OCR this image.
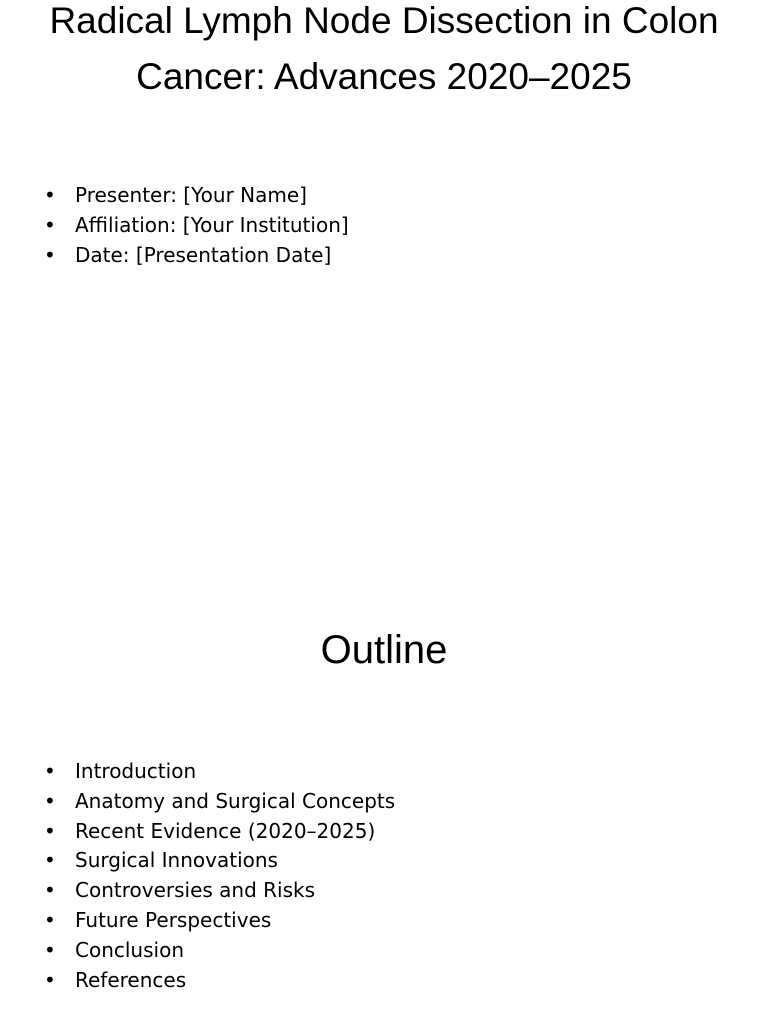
Radical Lymph Node Dissection in Colon Cancer: Advances 2020–2025
• Presenter: [Your Name]
• Affiliation: [Your Institution]
• Date: [Presentation Date]
Outline
• Introduction
• Anatomy and Surgical Concepts
• Recent Evidence (2020–2025)
• Surgical Innovations
• Controversies and Risks
• Future Perspectives
• Conclusion
• References
